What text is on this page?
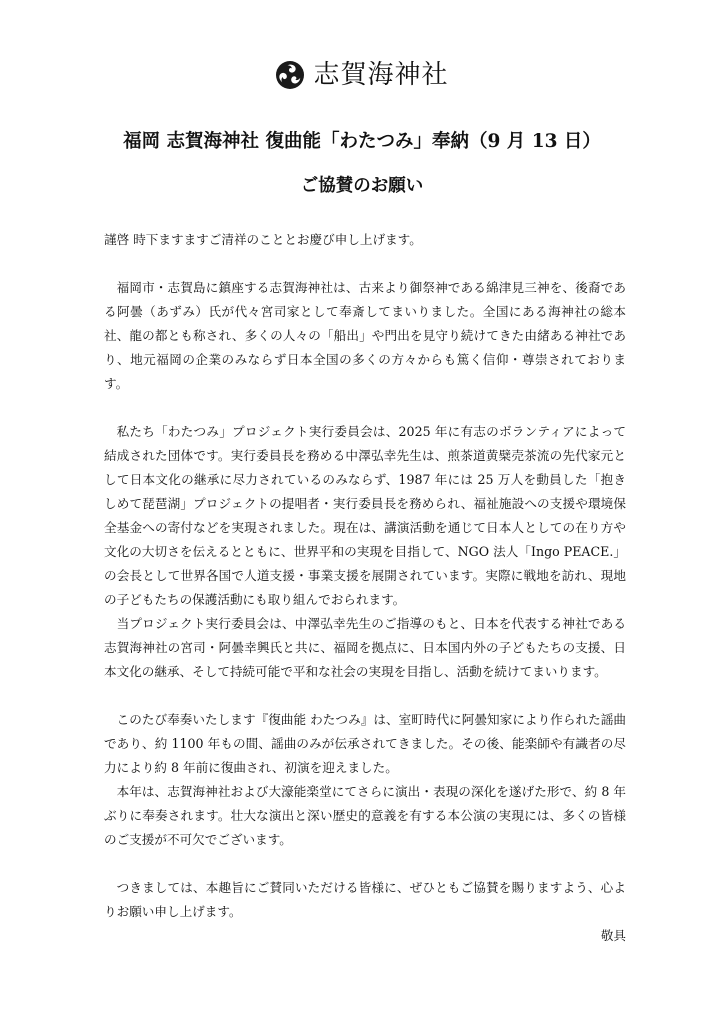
志賀海神社
福岡 志賀海神社 復曲能「わたつみ」奉納（9 月 13 日）
ご協賛のお願い

謹啓 時下ますますご清祥のこととお慶び申し上げます。

福岡市・志賀島に鎮座する志賀海神社は、古来より御祭神である綿津見三神を、後裔である阿曇（あずみ）氏が代々宮司家として奉斎してまいりました。全国にある海神社の総本社、龍の都とも称され、多くの人々の「船出」や門出を見守り続けてきた由緒ある神社であり、地元福岡の企業のみならず日本全国の多くの方々からも篤く信仰・尊崇されております。

私たち「わたつみ」プロジェクト実行委員会は、2025 年に有志のボランティアによって結成された団体です。実行委員長を務める中澤弘幸先生は、煎茶道黄檗売茶流の先代家元として日本文化の継承に尽力されているのみならず、1987 年には 25 万人を動員した「抱きしめて琵琶湖」プロジェクトの提唱者・実行委員長を務められ、福祉施設への支援や環境保全基金への寄付などを実現されました。現在は、講演活動を通じて日本人としての在り方や文化の大切さを伝えるとともに、世界平和の実現を目指して、NGO 法人「Ingo PEACE.」の会長として世界各国で人道支援・事業支援を展開されています。実際に戦地を訪れ、現地の子どもたちの保護活動にも取り組んでおられます。

当プロジェクト実行委員会は、中澤弘幸先生のご指導のもと、日本を代表する神社である志賀海神社の宮司・阿曇幸興氏と共に、福岡を拠点に、日本国内外の子どもたちの支援、日本文化の継承、そして持続可能で平和な社会の実現を目指し、活動を続けてまいります。

このたび奉奏いたします『復曲能 わたつみ』は、室町時代に阿曇知家により作られた謡曲であり、約 1100 年もの間、謡曲のみが伝承されてきました。その後、能楽師や有識者の尽力により約 8 年前に復曲され、初演を迎えました。

本年は、志賀海神社および大濠能楽堂にてさらに演出・表現の深化を遂げた形で、約 8 年ぶりに奉奏されます。壮大な演出と深い歴史的意義を有する本公演の実現には、多くの皆様のご支援が不可欠でございます。

つきましては、本趣旨にご賛同いただける皆様に、ぜひともご協賛を賜りますよう、心よりお願い申し上げます。

敬具
